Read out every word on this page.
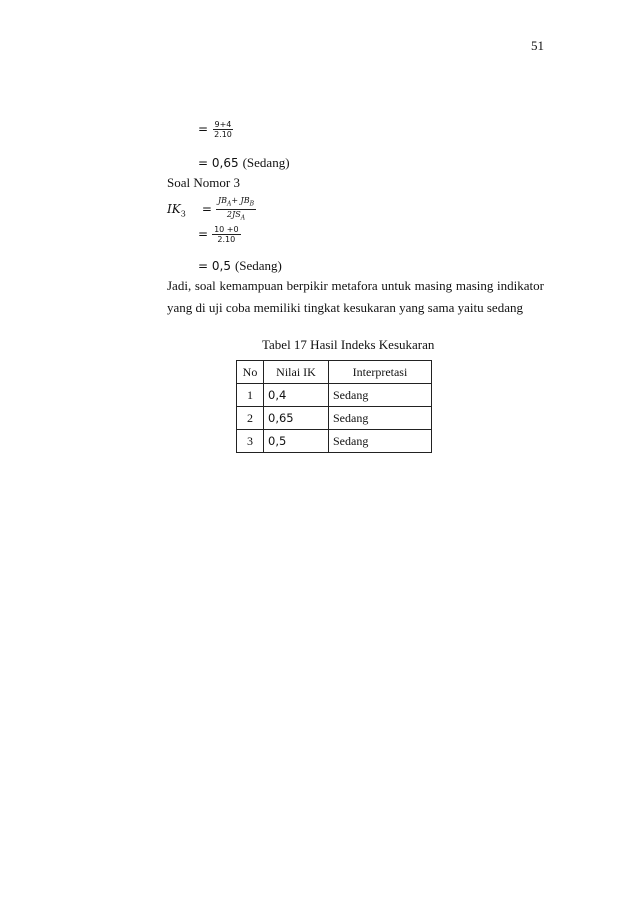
51
= $\frac{9+4}{2.10}$
= 0,65 (Sedang)
Soal Nomor 3
$IK_3 = \frac{JB_A+ JB_B}{2JS_A}$
= $\frac{10 +0}{2.10}$
= 0,5 (Sedang)
Jadi, soal kemampuan berpikir metafora untuk masing masing indikator
yang di uji coba memiliki tingkat kesukaran yang sama yaitu sedang
Tabel 17 Hasil Indeks Kesukaran
No	Nilai IK	Interpretasi
1	0,4	Sedang
2	0,65	Sedang
3	0,5	Sedang
